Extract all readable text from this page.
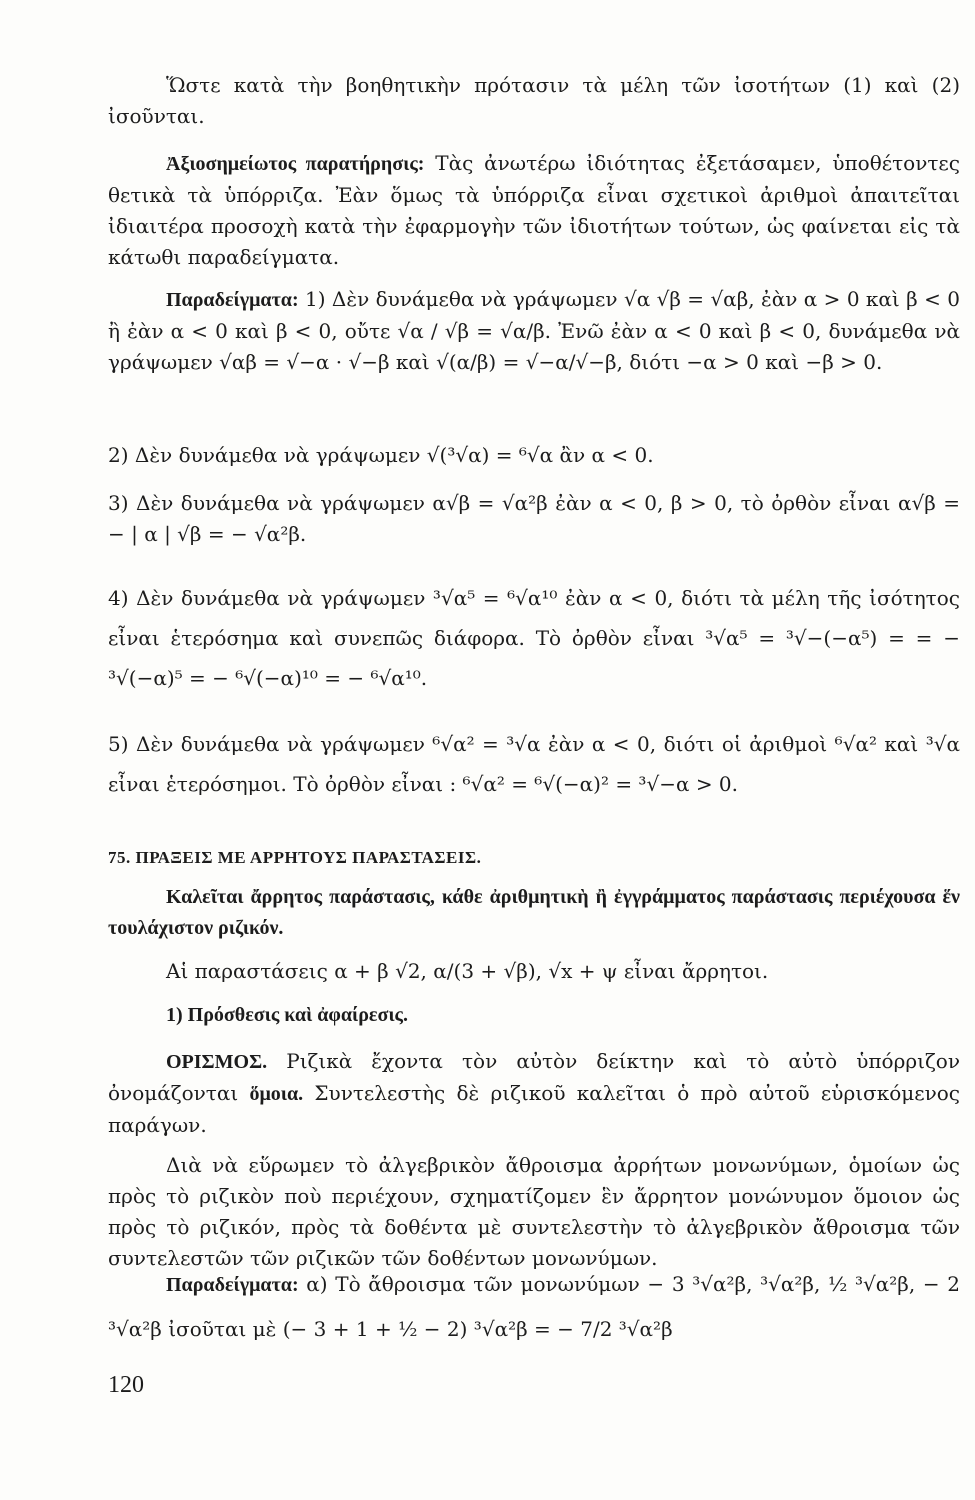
Ὥστε κατὰ τὴν βοηθητικὴν πρότασιν τὰ μέλη τῶν ἰσοτήτων (1) καὶ (2) ἰσοῦνται.

Ἀξιοσημείωτος παρατήρησις: Τὰς ἀνωτέρω ἰδιότητας ἐξετάσαμεν, ὑποθέτοντες θετικὰ τὰ ὑπόρριζα. Ἐὰν ὅμως τὰ ὑπόρριζα εἶναι σχετικοὶ ἀριθμοὶ ἀπαιτεῖται ἰδιαιτέρα προσοχὴ κατὰ τὴν ἐφαρμογὴν τῶν ἰδιοτήτων τούτων, ὡς φαίνεται εἰς τὰ κάτωθι παραδείγματα.

Παραδείγματα: 1) Δὲν δυνάμεθα νὰ γράψωμεν √α √β = √αβ, ἐὰν α > 0 καὶ β < 0 ἢ ἐὰν α < 0 καὶ β < 0, οὔτε √α / √β = √α/β. Ἐνῶ ἐὰν α < 0 καὶ β < 0, δυνάμεθα νὰ γράψωμεν √αβ = √−α · √−β καὶ √(α/β) = √−α/√−β, διότι −α > 0 καὶ −β > 0.

2) Δὲν δυνάμεθα νὰ γράψωμεν √(³√α) = ⁶√α ἂν α < 0.

3) Δὲν δυνάμεθα νὰ γράψωμεν α√β = √α²β ἐὰν α < 0, β > 0, τὸ ὀρθὸν εἶναι α√β = − | α | √β = − √α²β.

4) Δὲν δυνάμεθα νὰ γράψωμεν ³√α⁵ = ⁶√α¹⁰ ἐὰν α < 0, διότι τὰ μέλη τῆς ἰσότητος εἶναι ἑτερόσημα καὶ συνεπῶς διάφορα. Τὸ ὀρθὸν εἶναι ³√α⁵ = ³√−(−α⁵) = = − ³√(−α)⁵ = − ⁶√(−α)¹⁰ = − ⁶√α¹⁰.

5) Δὲν δυνάμεθα νὰ γράψωμεν ⁶√α² = ³√α ἐὰν α < 0, διότι οἱ ἀριθμοὶ ⁶√α² καὶ ³√α εἶναι ἑτερόσημοι. Τὸ ὀρθὸν εἶναι : ⁶√α² = ⁶√(−α)² = ³√−α > 0.

75. ΠΡΑΞΕΙΣ ΜΕ ΑΡΡΗΤΟΥΣ ΠΑΡΑΣΤΑΣΕΙΣ.

Καλεῖται ἄρρητος παράστασις, κάθε ἀριθμητικὴ ἢ ἐγγράμματος παράστασις περιέχουσα ἕν τουλάχιστον ριζικόν.

Αἱ παραστάσεις α + β √2, α/(3 + √β), √x + ψ εἶναι ἄρρητοι.

1) Πρόσθεσις καὶ ἀφαίρεσις.

ΟΡΙΣΜΟΣ. Ριζικὰ ἔχοντα τὸν αὐτὸν δείκτην καὶ τὸ αὐτὸ ὑπόρριζον ὀνομάζονται ὅμοια. Συντελεστὴς δὲ ριζικοῦ καλεῖται ὁ πρὸ αὐτοῦ εὑρισκόμενος παράγων.

Διὰ νὰ εὕρωμεν τὸ ἀλγεβρικὸν ἄθροισμα ἀρρήτων μονωνύμων, ὁμοίων ὡς πρὸς τὸ ριζικὸν ποὺ περιέχουν, σχηματίζομεν ἓν ἄρρητον μονώνυμον ὅμοιον ὡς πρὸς τὸ ριζικόν, πρὸς τὰ δοθέντα μὲ συντελεστὴν τὸ ἀλγεβρικὸν ἄθροισμα τῶν συντελεστῶν τῶν ριζικῶν τῶν δοθέντων μονωνύμων.

Παραδείγματα: α) Τὸ ἄθροισμα τῶν μονωνύμων − 3 ³√α²β, ³√α²β, ½ ³√α²β, − 2 ³√α²β ἰσοῦται μὲ (− 3 + 1 + ½ − 2) ³√α²β = − 7/2 ³√α²β

120
